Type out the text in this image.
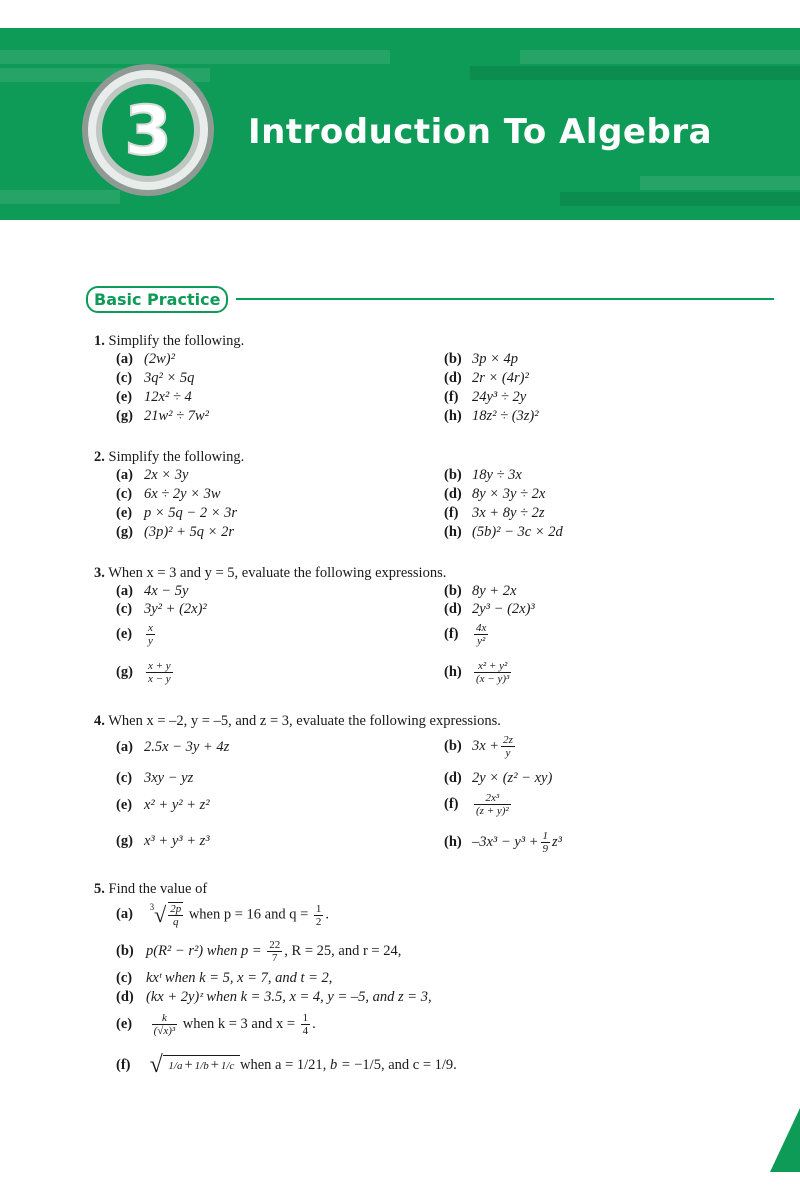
3 Introduction To Algebra
Basic Practice
1. Simplify the following.
(a) (2w)²	(b) 3p × 4p
(c) 3q² × 5q	(d) 2r × (4r)²
(e) 12x² ÷ 4	(f) 24y³ ÷ 2y
(g) 21w² ÷ 7w²	(h) 18z² ÷ (3z)²
2. Simplify the following.
(a) 2x × 3y	(b) 18y ÷ 3x
(c) 6x ÷ 2y × 3w	(d) 8y × 3y ÷ 2x
(e) p × 5q − 2 × 3r	(f) 3x + 8y ÷ 2z
(g) (3p)² + 5q × 2r	(h) (5b)² − 3c × 2d
3. When x = 3 and y = 5, evaluate the following expressions.
(a) 4x − 5y	(b) 8y + 2x
(c) 3y² + (2x)²	(d) 2y³ − (2x)³
$(e) \frac{x}{y}$	$(f) \frac{4x}{\text{y²}}$
$(g) \frac{x + y}{x - y}$	$(h) \frac{\text{x² + y²}}{\text{(x − y)³}}$
4. When x = –2, y = –5, and z = 3, evaluate the following expressions.
(a) 2.5x − 3y + 4z	(b) $3x + \frac{2z}{y}$
(c) 3xy − yz	(d) 2y × (z² − xy)
(e) x² + y² + z²	$(f) \frac{\text{2x³}}{\text{(z + y)²}}$
(g) x³ + y³ + z³	(h) $-3x^3 - y^3 + \frac{1}{9} z^3$
5. Find the value of
(a) $^3√ \frac{2p}{q}$ when p = 16 and $q = \frac{1}{2}$ .
(b) p(R² − r²) when $p = \frac{22}{7}$ , R = 25, and r = 24,
(c) kxᵗ when k = 5, x = 7, and t = 2,
(d) (kx + 2y)ᶻ when k = 3.5, x = 4, y = –5, and z = 3,
$(e) \frac{k}{\text{(√x)³}}$ when k = 3 and $x = \frac{1}{4}$ .
(f) √ 1/a + 1/b + 1/c when a = 1/21, b = −1/5, and c = 1/9.
